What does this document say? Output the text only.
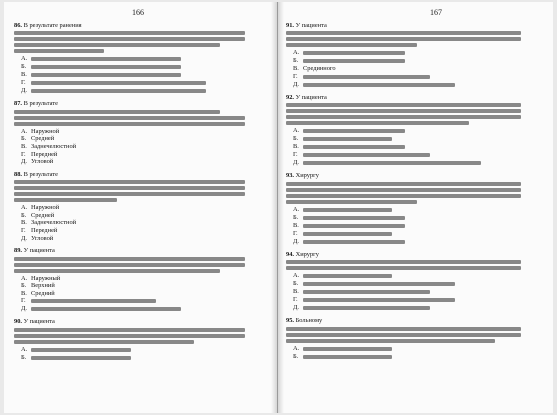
166

86. В результате ранения

А.
Б.
В.
Г.
Д.

87. В результате

А. Наружной
Б. Средней
В. Заднечелюстной
Г. Передней
Д. Угловой

88. В результате

А. Наружной
Б. Средней
В. Заднечелюстной
Г. Передней
Д. Угловой

89. У пациента

А. Наружный
Б. Верхний
В. Средний
Г.
Д.

90. У пациента

А.
Б.
167

91. У пациента

А.
Б.
В. Срединного
Г.
Д.

92. У пациента

А.
Б.
В.
Г.
Д.

93. Хирургу

А.
Б.
В.
Г.
Д.

94. Хирургу

А.
Б.
В.
Г.
Д.

95. Больному

А.
Б.
